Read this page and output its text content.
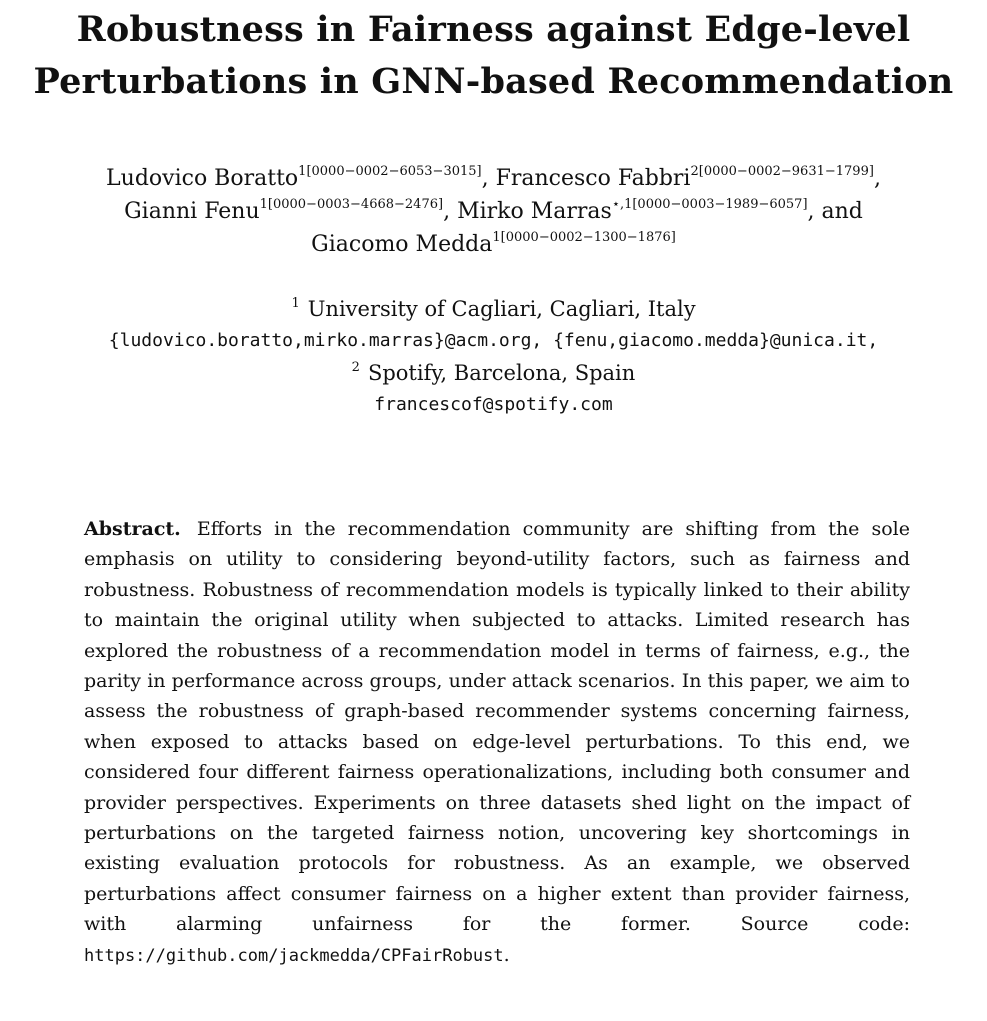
Robustness in Fairness against Edge-level
Perturbations in GNN-based Recommendation
Ludovico Boratto$^{1[0000-0002-6053-3015]}$, Francesco Fabbri$^{2[0000-0002-9631-1799]}$,
Gianni Fenu$^{1[0000-0003-4668-2476]}$, Mirko Marras$^{⋆,1[0000-0003-1989-6057]}$, and
Giacomo Medda$^{1[0000-0002-1300-1876]}$
$^1$ University of Cagliari, Cagliari, Italy
{ludovico.boratto,mirko.marras}@acm.org, {fenu,giacomo.medda}@unica.it,
$^2$ Spotify, Barcelona, Spain
francescof@spotify.com
Abstract. Efforts in the recommendation community are shifting from the sole emphasis on utility to considering beyond-utility factors, such as fairness and robustness. Robustness of recommendation models is typically linked to their ability to maintain the original utility when subjected to attacks. Limited research has explored the robustness of a recommendation model in terms of fairness, e.g., the parity in performance across groups, under attack scenarios. In this paper, we aim to assess the robustness of graph-based recommender systems concerning fairness, when exposed to attacks based on edge-level perturbations. To this end, we considered four different fairness operationalizations, including both consumer and provider perspectives. Experiments on three datasets shed light on the impact of perturbations on the targeted fairness notion, uncovering key shortcomings in existing evaluation protocols for robustness. As an example, we observed perturbations affect consumer fairness on a higher extent than provider fairness, with alarming unfairness for the former. Source code: https://github.com/jackmedda/CPFairRobust.
